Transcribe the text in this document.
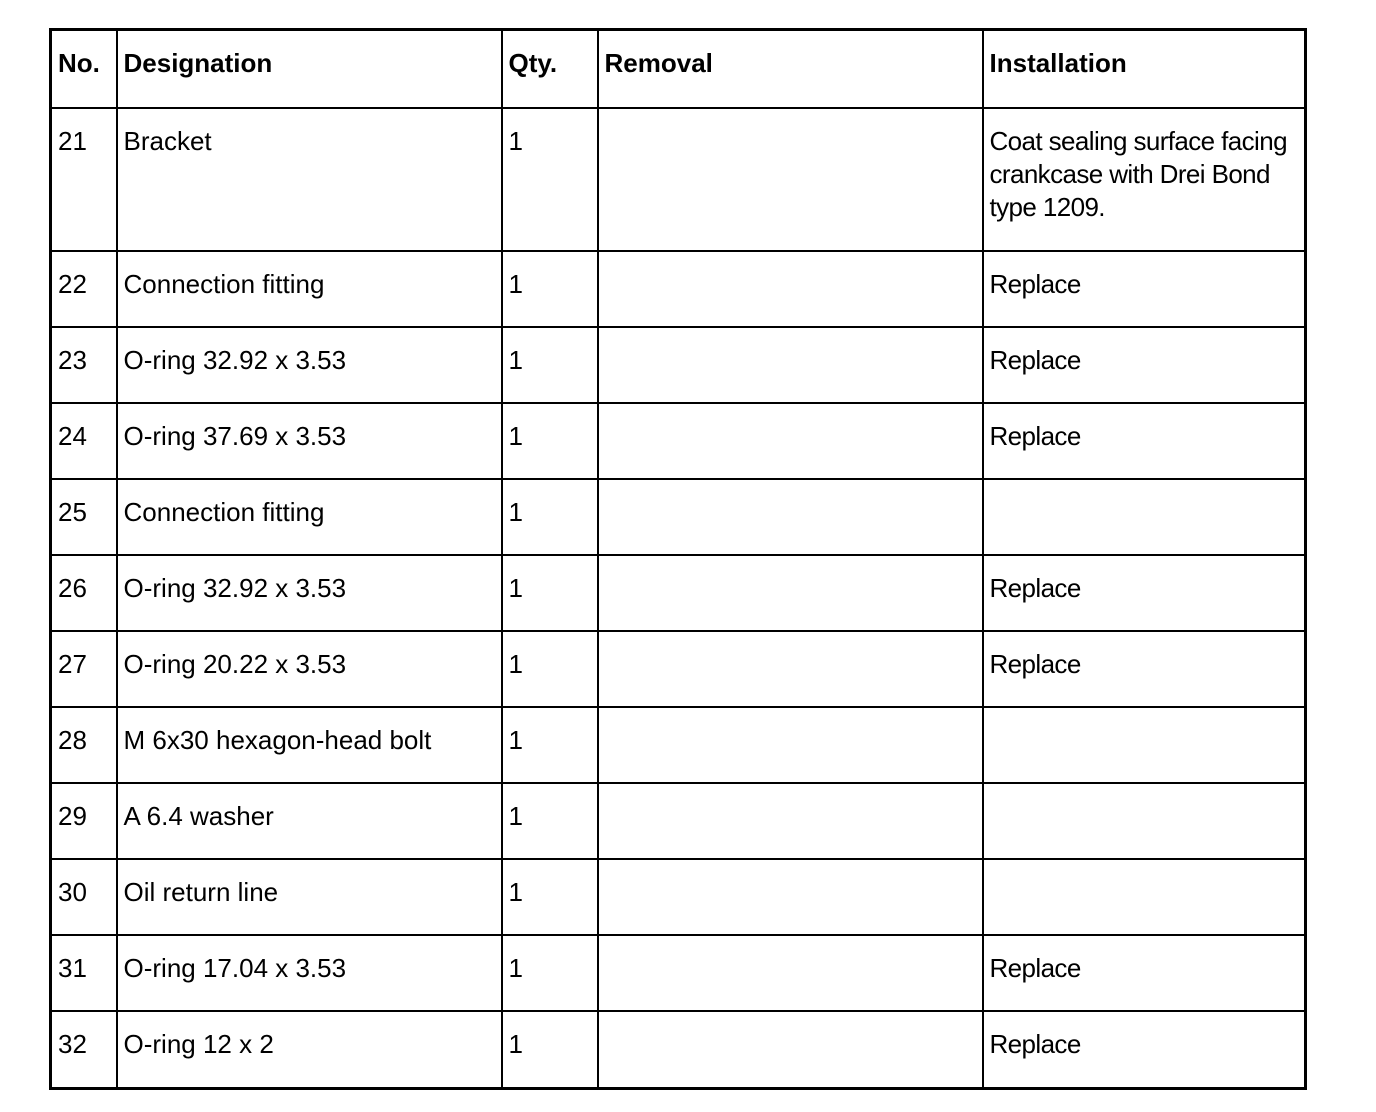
No.	Designation	Qty.	Removal	Installation
21	Bracket	1		Coat sealing surface facing crankcase with Drei Bond type 1209.
22	Connection fitting	1		Replace
23	O-ring 32.92 x 3.53	1		Replace
24	O-ring 37.69 x 3.53	1		Replace
25	Connection fitting	1		
26	O-ring 32.92 x 3.53	1		Replace
27	O-ring 20.22 x 3.53	1		Replace
28	M 6x30 hexagon-head bolt	1		
29	A 6.4 washer	1		
30	Oil return line	1		
31	O-ring 17.04 x 3.53	1		Replace
32	O-ring 12 x 2	1		Replace
